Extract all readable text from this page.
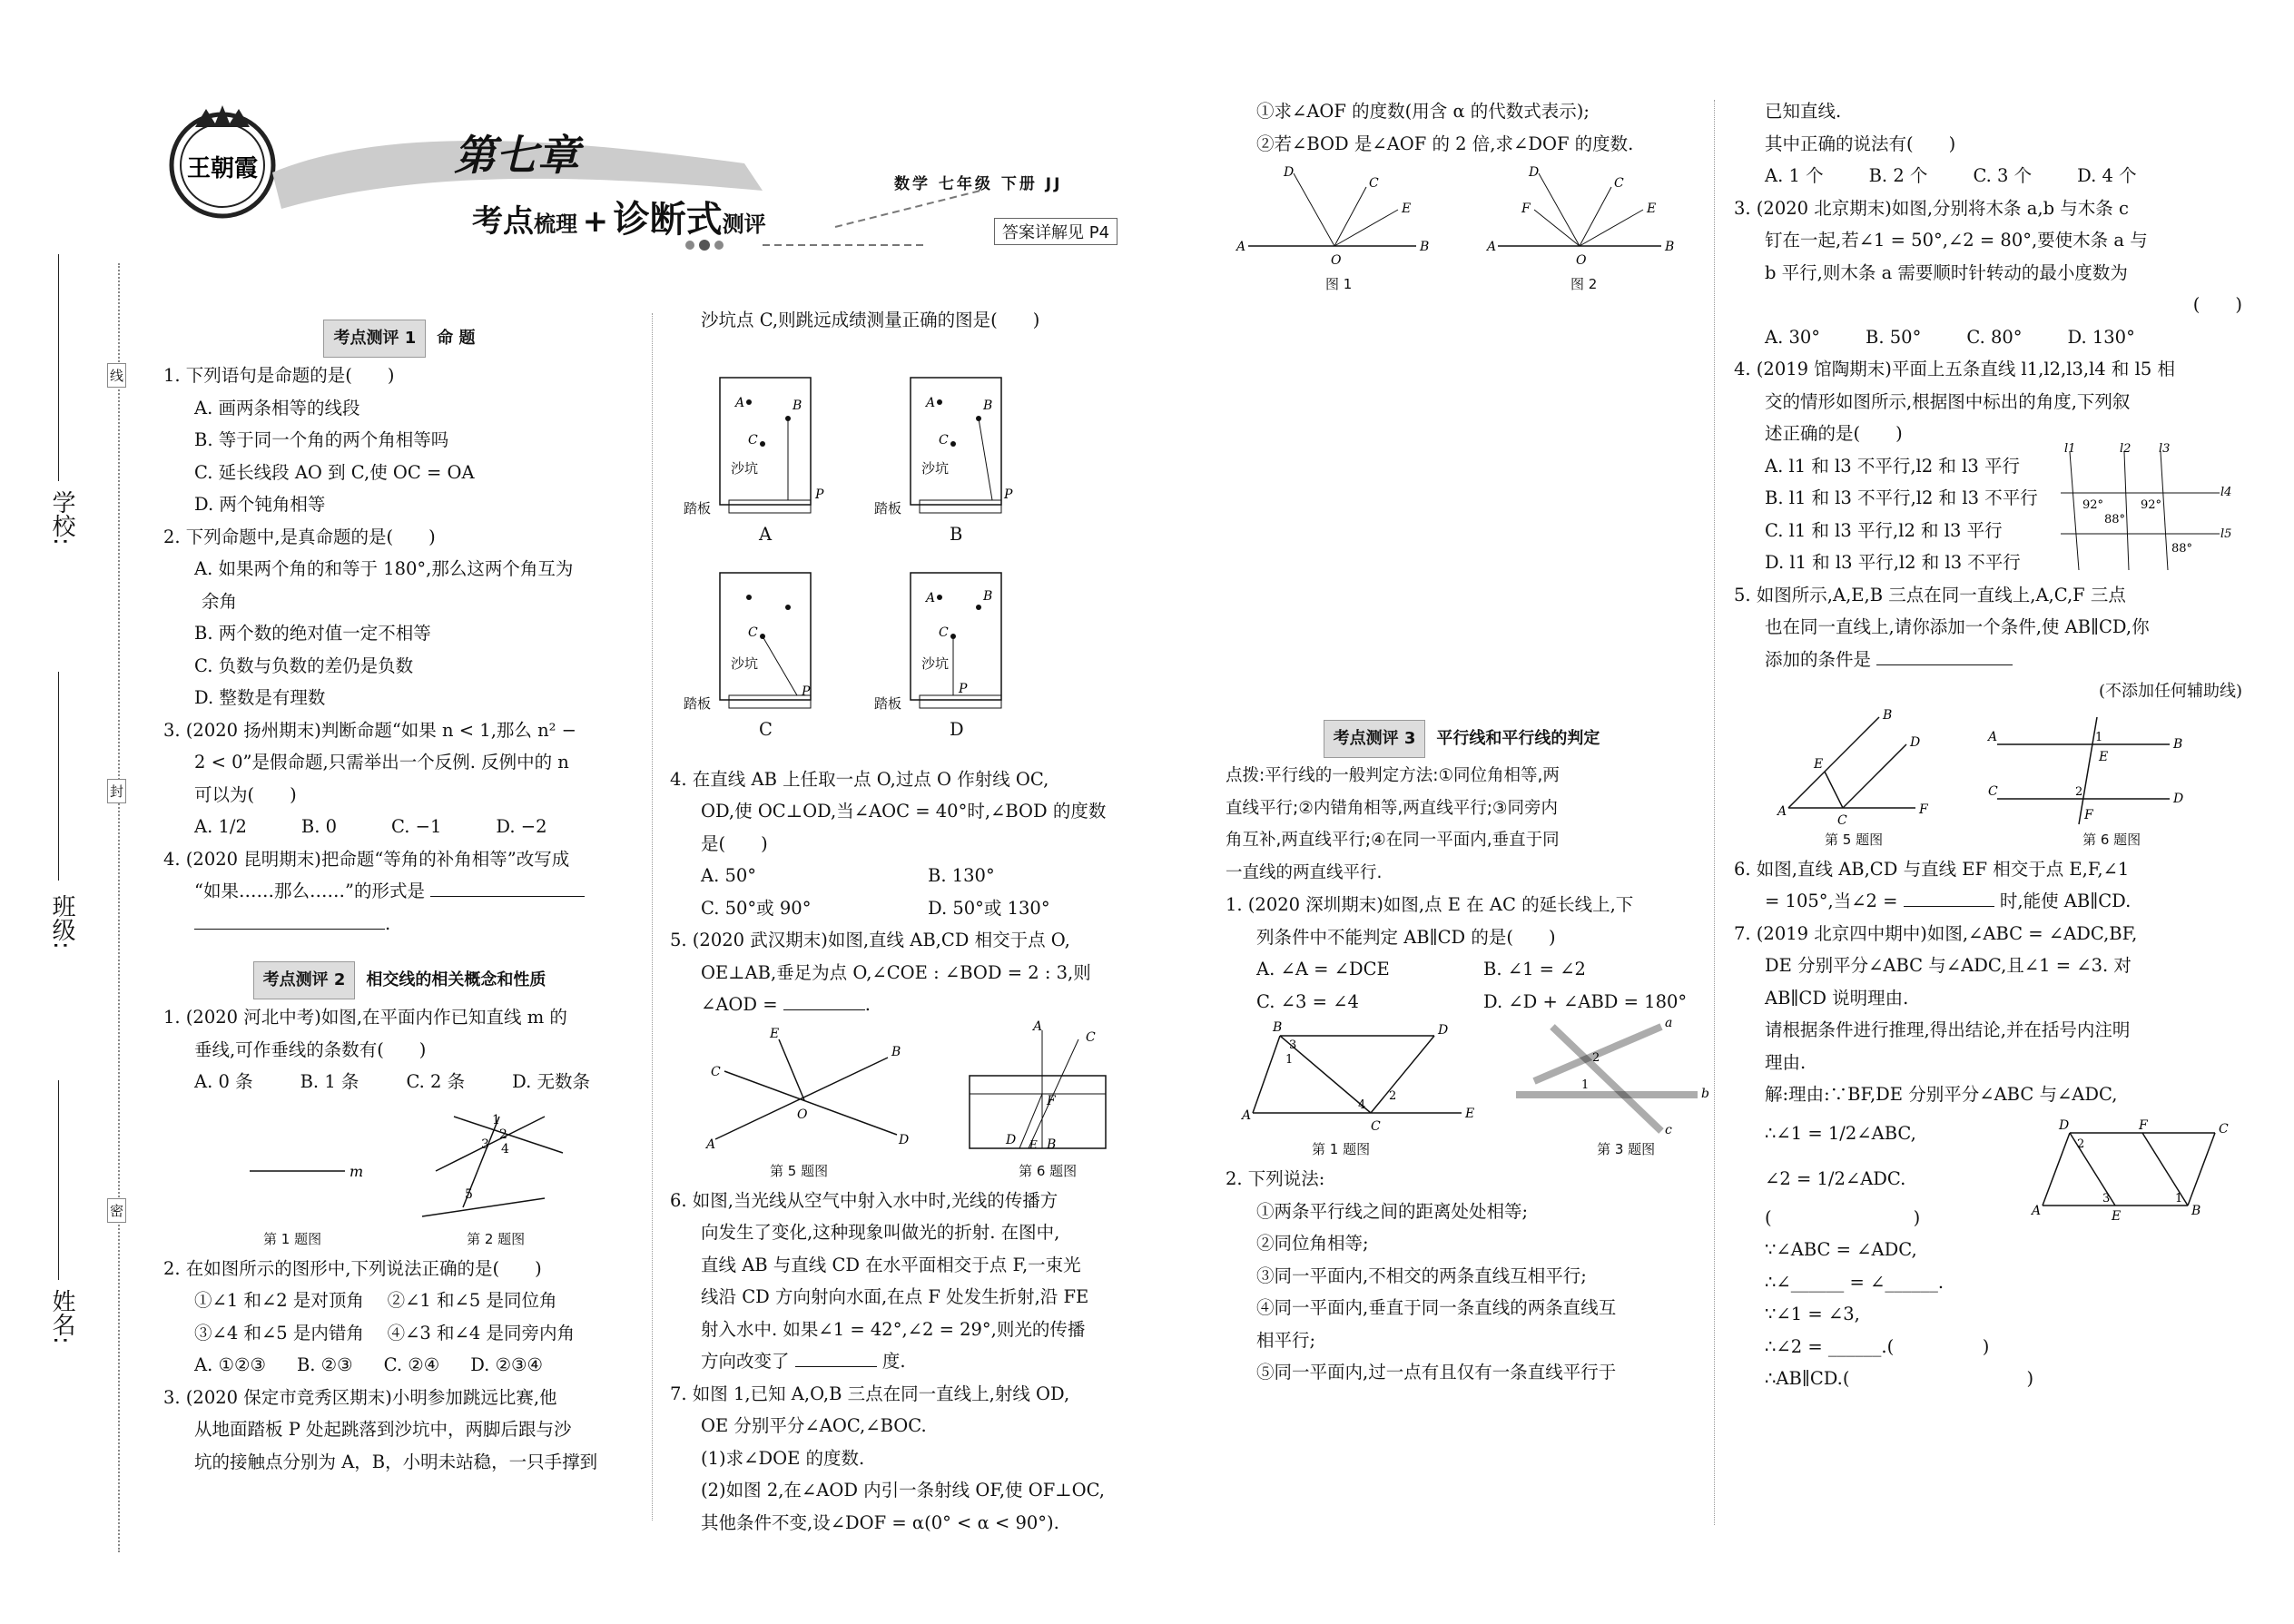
王朝霞	第七章
考点梳理 + 诊断式测评
数学 七年级 下册 JJ
答案详解见 P4
学校:
班级:
姓名:
线
封
密
考点测评 1	命 题

1. 下列语句是命题的是(　　)

A. 画两条相等的线段

B. 等于同一个角的两个角相等吗

C. 延长线段 AO 到 C,使 OC = OA

D. 两个钝角相等

2. 下列命题中,是真命题的是(　　)

A. 如果两个角的和等于 180°,那么这两个角互为

余角

B. 两个数的绝对值一定不相等

C. 负数与负数的差仍是负数

D. 整数是有理数

3. (2020 扬州期末)判断命题“如果 n < 1,那么 n² −

2 < 0”是假命题,只需举出一个反例. 反例中的 n

可以为(　　)

A. 1/2	B. 0	C. −1	D. −2

4. (2020 昆明期末)把命题“等角的补角相等”改写成

“如果……那么……”的形式是

.

考点测评 2	相交线的相关概念和性质

1. (2020 河北中考)如图,在平面内作已知直线 m 的

垂线,可作垂线的条数有(　　)

A. 0 条	B. 1 条	C. 2 条	D. 无数条

m
1
2
3 4
5

第 1 题图	第 2 题图

2. 在如图所示的图形中,下列说法正确的是(　　)

①∠1 和∠2 是对顶角　 ②∠1 和∠5 是同位角

③∠4 和∠5 是内错角　 ④∠3 和∠4 是同旁内角

A. ①②③ B. ②③ C. ②④ D. ②③④

3. (2020 保定市竞秀区期末)小明参加跳远比赛,他

从地面踏板 P 处起跳落到沙坑中，两脚后跟与沙

坑的接触点分别为 A，B，小明未站稳，一只手撑到

沙坑点 C,则跳远成绩测量正确的图是(　　)

A	B
C
P
A	B
C
P
C
P
A	B
C
P
沙坑	沙坑
沙坑	沙坑
踏板	踏板
踏板	踏板
A	B
C	D

4. 在直线 AB 上任取一点 O,过点 O 作射线 OC,

OD,使 OC⊥OD,当∠AOC = 40°时,∠BOD 的度数

是(　　)

A. 50°	B. 130°

C. 50°或 90°	D. 50°或 130°

5. (2020 武汉期末)如图,直线 AB,CD 相交于点 O,

OE⊥AB,垂足为点 O,∠COE : ∠BOD = 2 : 3,则

∠AOD =	.

A
B
C
D
E
O
A
C
F
D B
E

第 5 题图	第 6 题图

6. 如图,当光线从空气中射入水中时,光线的传播方

向发生了变化,这种现象叫做光的折射. 在图中,

直线 AB 与直线 CD 在水平面相交于点 F,一束光

线沿 CD 方向射向水面,在点 F 处发生折射,沿 FE

射入水中. 如果∠1 = 42°,∠2 = 29°,则光的传播

方向改变了	度.

7. 如图 1,已知 A,O,B 三点在同一直线上,射线 OD,

OE 分别平分∠AOC,∠BOC.

(1)求∠DOE 的度数.

(2)如图 2,在∠AOD 内引一条射线 OF,使 OF⊥OC,

其他条件不变,设∠DOF = α(0° < α < 90°).

①求∠AOF 的度数(用含 α 的代数式表示);

②若∠BOD 是∠AOF 的 2 倍,求∠DOF 的度数.

A	B
D
C
E
O
A	B
D
F
C
E
O
图 1	图 2
考点测评 3	平行线和平行线的判定

点拨:平行线的一般判定方法:①同位角相等,两

直线平行;②内错角相等,两直线平行;③同旁内

角互补,两直线平行;④在同一平面内,垂直于同

一直线的两直线平行.

1. (2020 深圳期末)如图,点 E 在 AC 的延长线上,下

列条件中不能判定 AB∥CD 的是(　　)

A. ∠A = ∠DCE	B. ∠1 = ∠2

C. ∠3 = ∠4	D. ∠D + ∠ABD = 180°

B	D
A
C
E
3
1
4
2
a
b
c
1
2

第 1 题图	第 3 题图

2. 下列说法:

①两条平行线之间的距离处处相等;

②同位角相等;

③同一平面内,不相交的两条直线互相平行;

④同一平面内,垂直于同一条直线的两条直线互

相平行;

⑤同一平面内,过一点有且仅有一条直线平行于

已知直线.

其中正确的说法有(　　)

A. 1 个	B. 2 个	C. 3 个	D. 4 个

3. (2020 北京期末)如图,分别将木条 a,b 与木条 c

钉在一起,若∠1 = 50°,∠2 = 80°,要使木条 a 与

b 平行,则木条 a 需要顺时针转动的最小度数为

(　　)

A. 30°	B. 50°	C. 80°	D. 130°

4. (2019 馆陶期末)平面上五条直线 l1,l2,l3,l4 和 l5 相

交的情形如图所示,根据图中标出的角度,下列叙

述正确的是(　　)

A. l1 和 l3 不平行,l2 和 l3 平行

B. l1 和 l3 不平行,l2 和 l3 不平行

C. l1 和 l3 平行,l2 和 l3 平行

D. l1 和 l3 平行,l2 和 l3 不平行

l1	l2 l3
l4
l5
92°	92°
88°
88°

5. 如图所示,A,E,B 三点在同一直线上,A,C,F 三点

也在同一直线上,请你添加一个条件,使 AB∥CD,你

添加的条件是

(不添加任何辅助线)

A
B
E
D
C
F
A	B
C	D
E
F
1
2

第 5 题图	第 6 题图

6. 如图,直线 AB,CD 与直线 EF 相交于点 E,F,∠1

= 105°,当∠2 =	时,能使 AB∥CD.

7. (2019 北京四中期中)如图,∠ABC = ∠ADC,BF,

DE 分别平分∠ABC 与∠ADC,且∠1 = ∠3. 对

AB∥CD 说明理由.

请根据条件进行推理,得出结论,并在括号内注明

理由.

解:理由:∵BF,DE 分别平分∠ABC 与∠ADC,

∴∠1 = 1/2∠ABC,

∠2 = 1/2∠ADC.

(　　　　　　　　)

∵∠ABC = ∠ADC,

∴∠______ = ∠______.

∵∠1 = ∠3,

∴∠2 = ______.(　　　　　)

∴AB∥CD.(　　　　　　　　　　)

D	F	C
A	E	B
2
3	1
